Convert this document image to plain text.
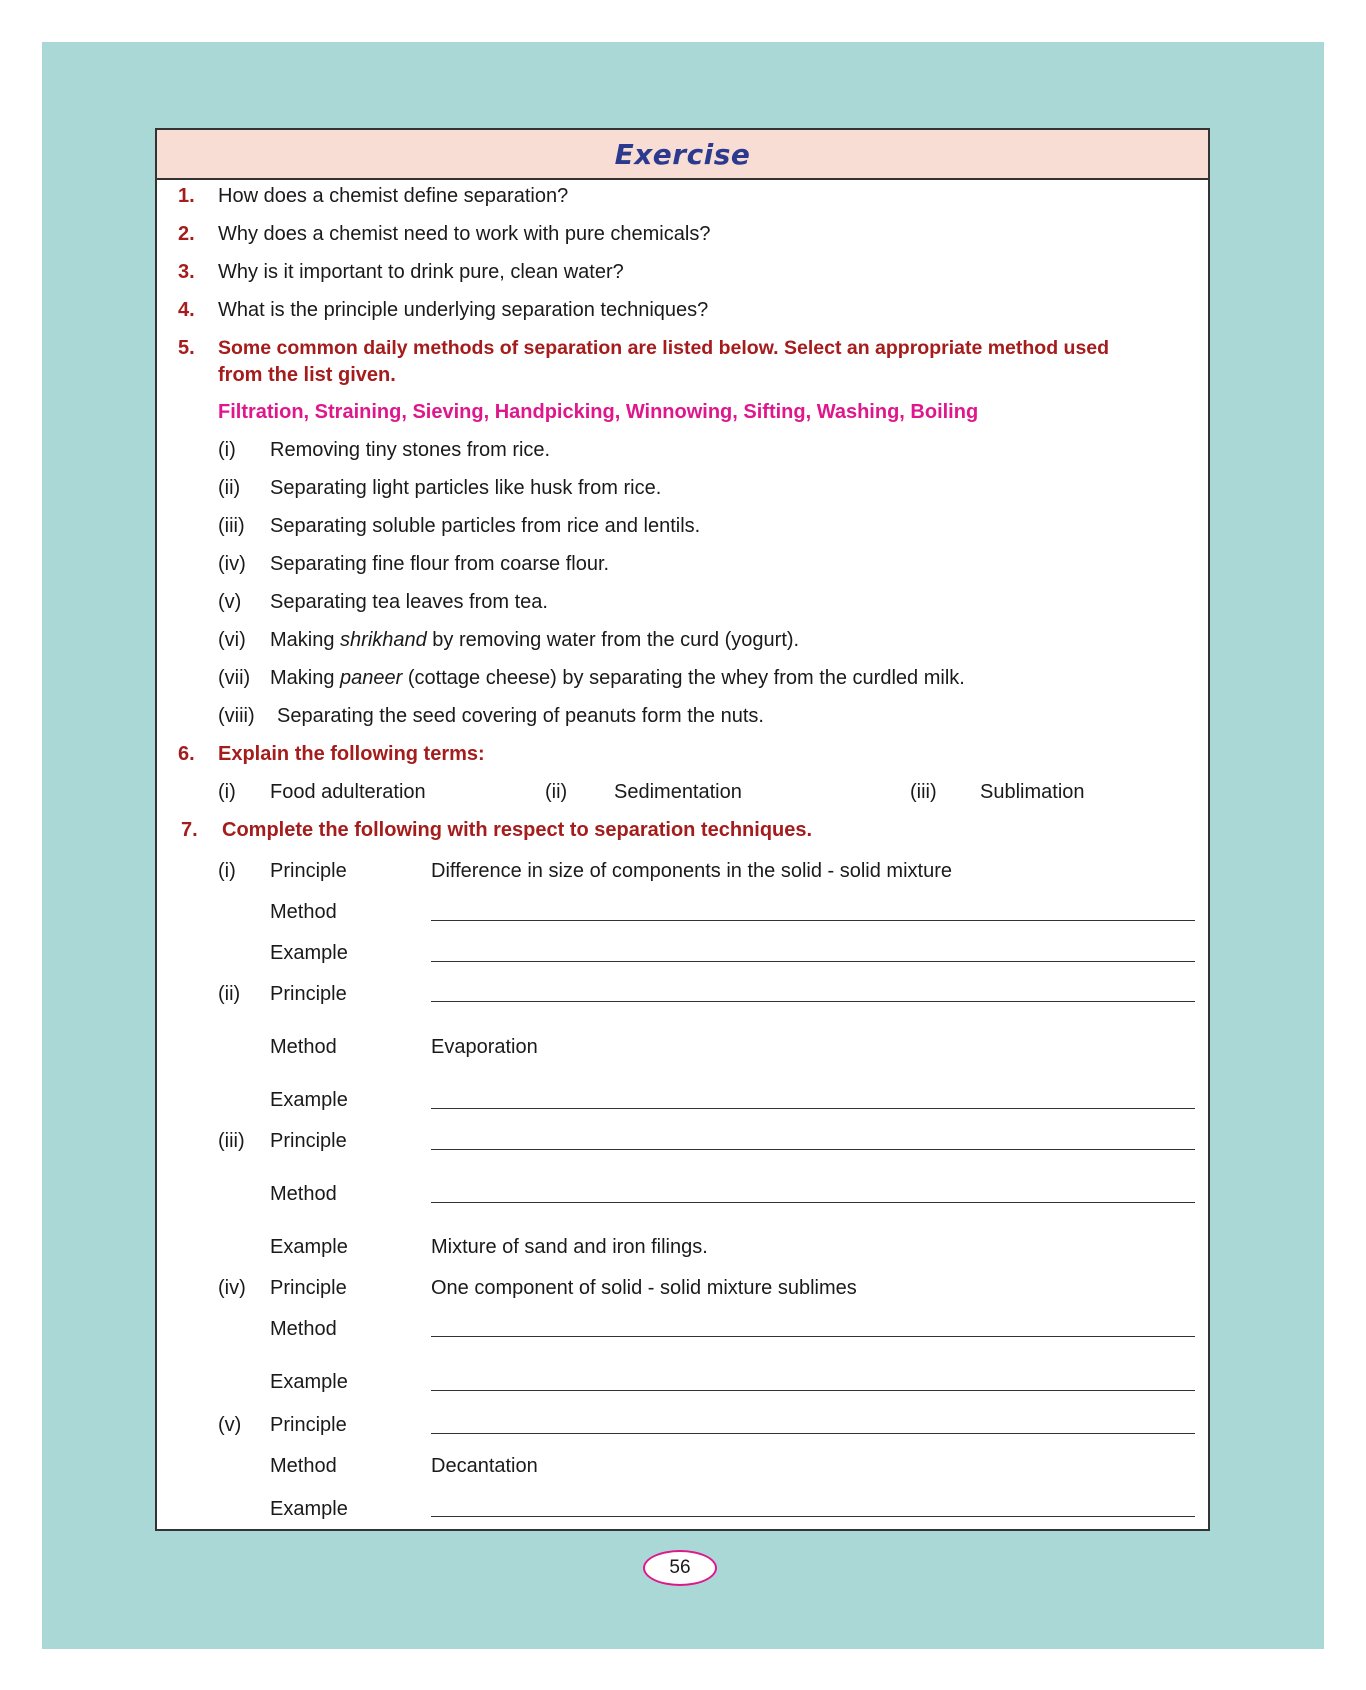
Exercise
1. How does a chemist define separation?
2. Why does a chemist need to work with pure chemicals?
3. Why is it important to drink pure, clean water?
4. What is the principle underlying separation techniques?
5. Some common daily methods of separation are listed below. Select an appropriate method used
from the list given.
Filtration, Straining, Sieving, Handpicking, Winnowing, Sifting, Washing, Boiling
(i) Removing tiny stones from rice.
(ii) Separating light particles like husk from rice.
(iii) Separating soluble particles from rice and lentils.
(iv) Separating fine flour from coarse flour.
(v) Separating tea leaves from tea.
(vi) Making shrikhand by removing water from the curd (yogurt).
(vii) Making paneer (cottage cheese) by separating the whey from the curdled milk.
(viii) Separating the seed covering of peanuts form the nuts.
6. Explain the following terms:
(i) Food adulteration	(ii) Sedimentation	(iii) Sublimation
7. Complete the following with respect to separation techniques.
(i) Principle	Difference in size of components in the solid - solid mixture
Method
Example
(ii) Principle
Method	Evaporation
Example
(iii) Principle
Method
Example	Mixture of sand and iron filings.
(iv) Principle	One component of solid - solid mixture sublimes
Method
Example
(v) Principle
Method	Decantation
Example
56
